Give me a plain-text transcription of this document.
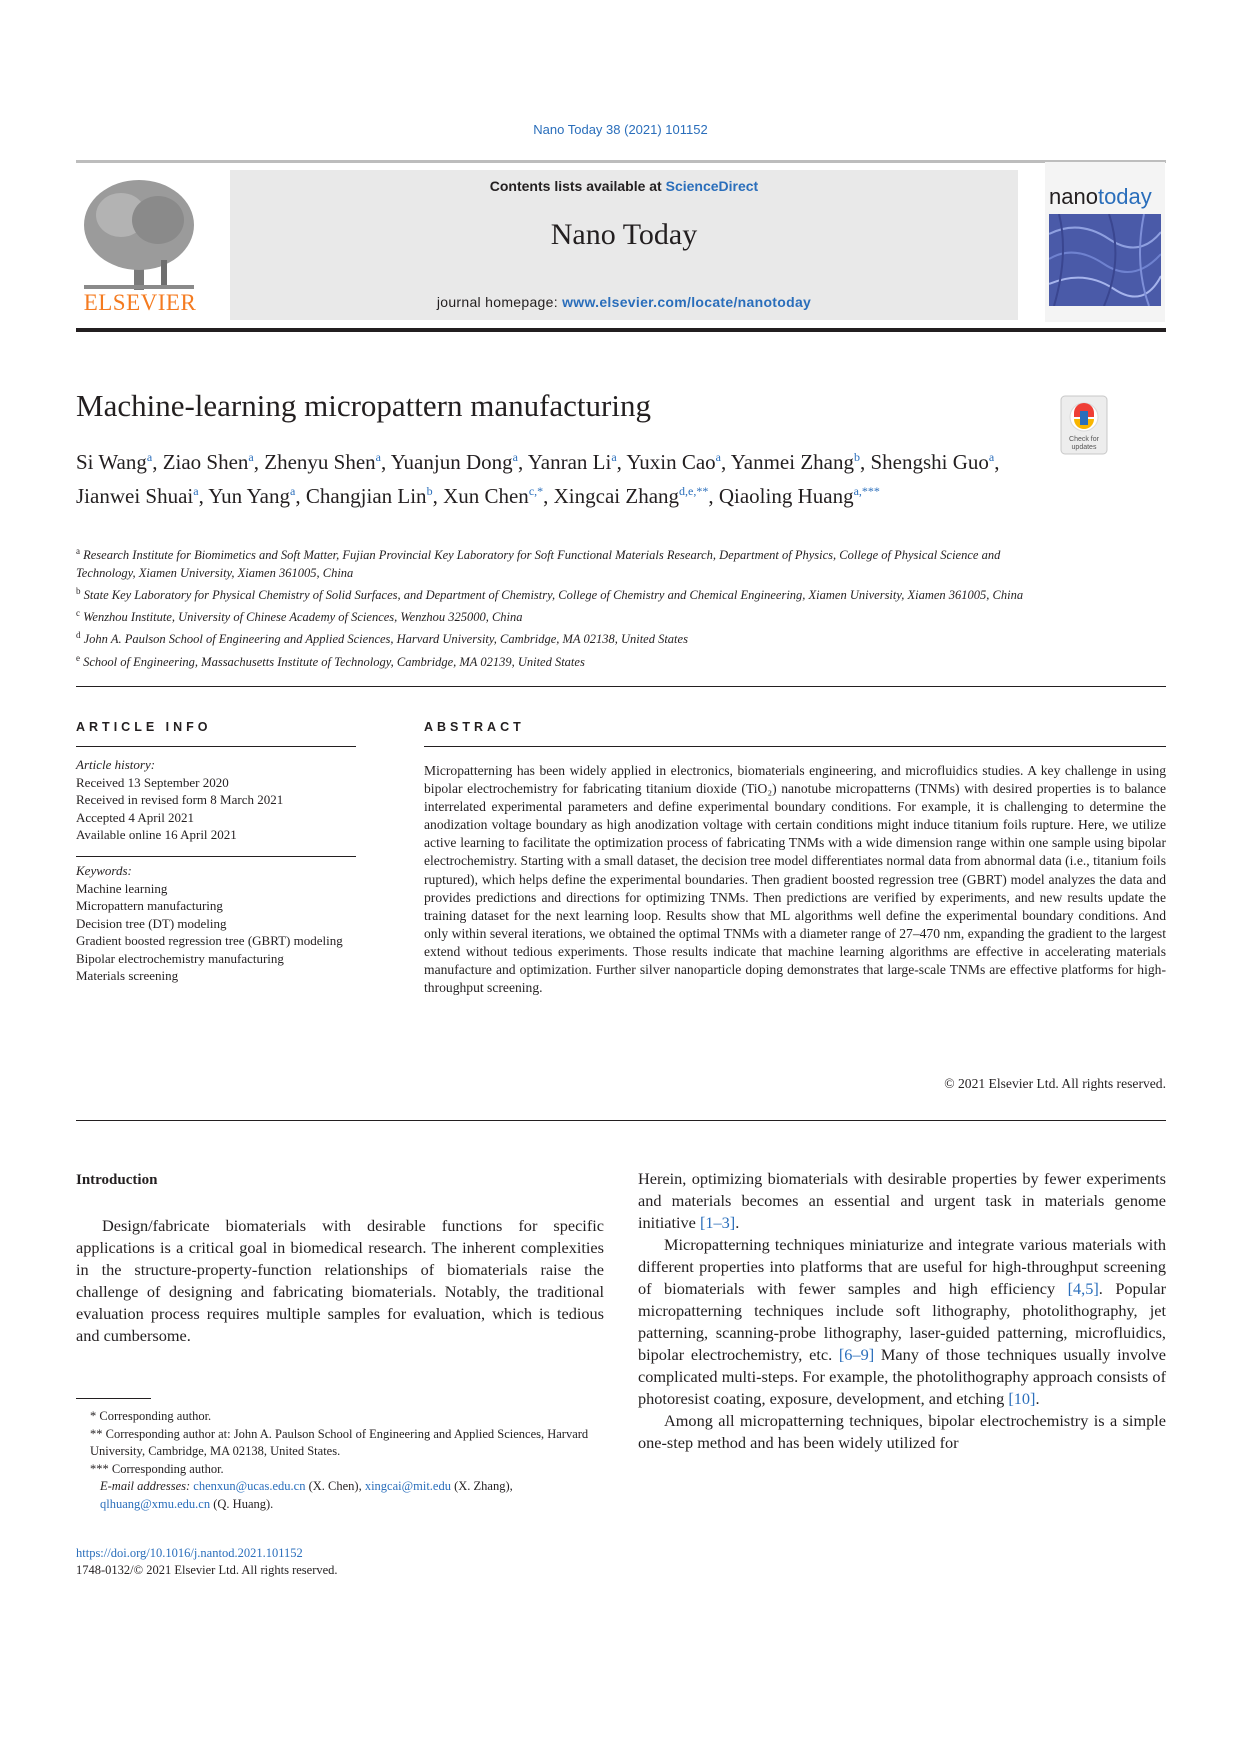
Nano Today 38 (2021) 101152
ELSEVIER
Contents lists available at ScienceDirect
Nano Today
journal homepage: www.elsevier.com/locate/nanotoday
nanotoday
Machine-learning micropattern manufacturing
Check for updates
Si Wang$^a$, Ziao Shen$^a$, Zhenyu Shen$^a$, Yuanjun Dong$^a$, Yanran Li$^a$, Yuxin Cao$^a$, Yanmei Zhang$^b$, Shengshi Guo$^a$, Jianwei Shuai$^a$, Yun Yang$^a$, Changjian Lin$^b$, Xun Chen$^{c,*}$, Xingcai Zhang$^{d,e,**}$, Qiaoling Huang$^{a,***}$
$^a$ Research Institute for Biomimetics and Soft Matter, Fujian Provincial Key Laboratory for Soft Functional Materials Research, Department of Physics, College of Physical Science and Technology, Xiamen University, Xiamen 361005, China
$^b$ State Key Laboratory for Physical Chemistry of Solid Surfaces, and Department of Chemistry, College of Chemistry and Chemical Engineering, Xiamen University, Xiamen 361005, China
$^c$ Wenzhou Institute, University of Chinese Academy of Sciences, Wenzhou 325000, China
$^d$ John A. Paulson School of Engineering and Applied Sciences, Harvard University, Cambridge, MA 02138, United States
$^e$ School of Engineering, Massachusetts Institute of Technology, Cambridge, MA 02139, United States
ARTICLE INFO	ABSTRACT
Article history:
Received 13 September 2020
Received in revised form 8 March 2021
Accepted 4 April 2021
Available online 16 April 2021
Keywords:
Machine learning
Micropattern manufacturing
Decision tree (DT) modeling
Gradient boosted regression tree (GBRT) modeling
Bipolar electrochemistry manufacturing
Materials screening
Micropatterning has been widely applied in electronics, biomaterials engineering, and microfluidics studies. A key challenge in using bipolar electrochemistry for fabricating titanium dioxide (TiO₂) nanotube micropatterns (TNMs) with desired properties is to balance interrelated experimental parameters and define experimental boundary conditions. For example, it is challenging to determine the anodization voltage boundary as high anodization voltage with certain conditions might induce titanium foils rupture. Here, we utilize active learning to facilitate the optimization process of fabricating TNMs with a wide dimension range within one sample using bipolar electrochemistry. Starting with a small dataset, the decision tree model differentiates normal data from abnormal data (i.e., titanium foils ruptured), which helps define the experimental boundaries. Then gradient boosted regression tree (GBRT) model analyzes the data and provides predictions and directions for optimizing TNMs. Then predictions are verified by experiments, and new results update the training dataset for the next learning loop. Results show that ML algorithms well define the experimental boundary conditions. And only within several iterations, we obtained the optimal TNMs with a diameter range of 27–470 nm, expanding the gradient to the largest extend without tedious experiments. Those results indicate that machine learning algorithms are effective in accelerating materials manufacture and optimization. Further silver nanoparticle doping demonstrates that large-scale TNMs are effective platforms for high-throughput screening.
© 2021 Elsevier Ltd. All rights reserved.
Introduction
Design/fabricate biomaterials with desirable functions for specific applications is a critical goal in biomedical research. The inherent complexities in the structure-property-function relationships of biomaterials raise the challenge of designing and fabricating biomaterials. Notably, the traditional evaluation process requires multiple samples for evaluation, which is tedious and cumbersome.
Herein, optimizing biomaterials with desirable properties by fewer experiments and materials becomes an essential and urgent task in materials genome initiative [1–3].
Micropatterning techniques miniaturize and integrate various materials with different properties into platforms that are useful for high-throughput screening of biomaterials with fewer samples and high efficiency [4,5]. Popular micropatterning techniques include soft lithography, photolithography, jet patterning, scanning-probe lithography, laser-guided patterning, microfluidics, bipolar electrochemistry, etc. [6–9] Many of those techniques usually involve complicated multi-steps. For example, the photolithography approach consists of photoresist coating, exposure, development, and etching [10].
Among all micropatterning techniques, bipolar electrochemistry is a simple one-step method and has been widely utilized for
* Corresponding author.
** Corresponding author at: John A. Paulson School of Engineering and Applied Sciences, Harvard University, Cambridge, MA 02138, United States.
*** Corresponding author.
E-mail addresses: chenxun@ucas.edu.cn (X. Chen), xingcai@mit.edu (X. Zhang), qlhuang@xmu.edu.cn (Q. Huang).
https://doi.org/10.1016/j.nantod.2021.101152
1748-0132/© 2021 Elsevier Ltd. All rights reserved.
